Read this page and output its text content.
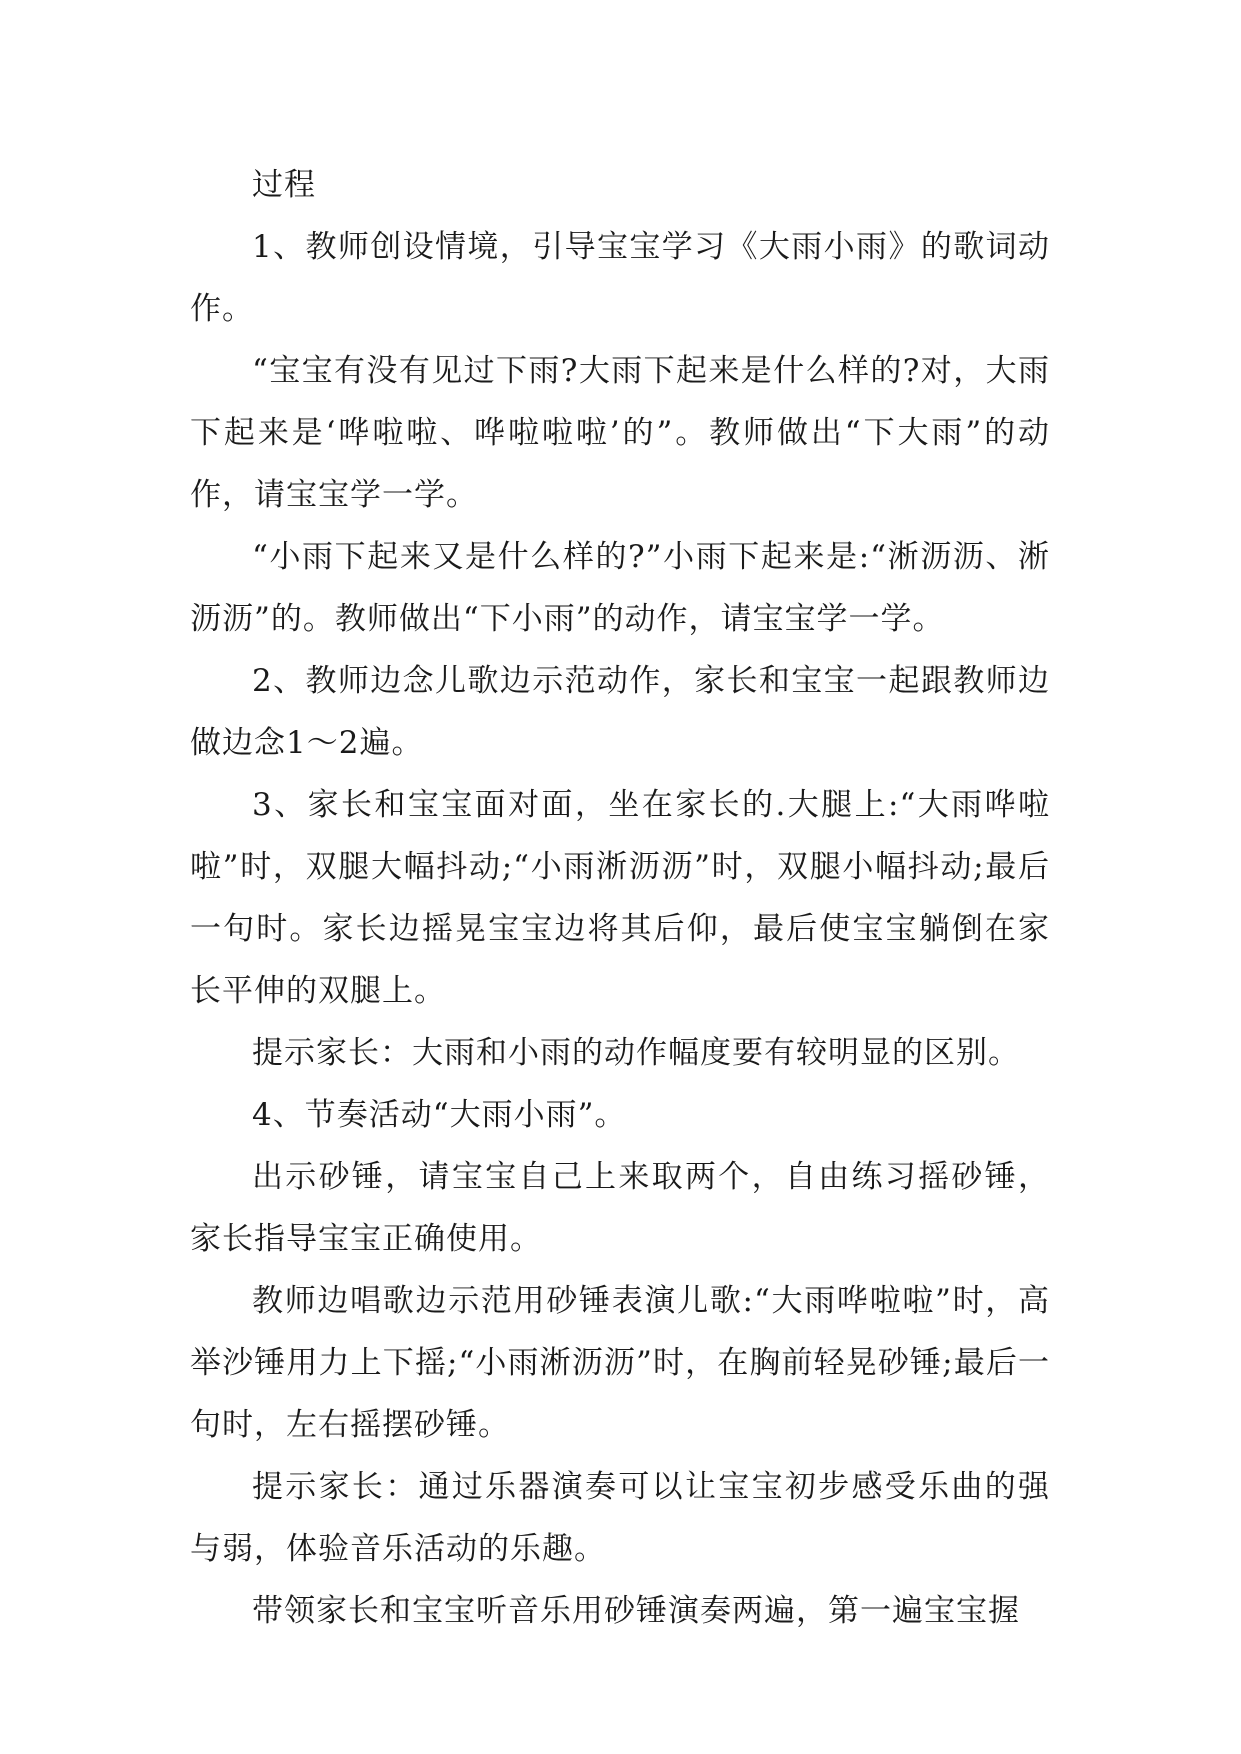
过程

1、教师创设情境，引导宝宝学习《大雨小雨》的歌词动作。

“宝宝有没有见过下雨?大雨下起来是什么样的?对，大雨下起来是‘哗啦啦、哗啦啦啦’的”。教师做出“下大雨”的动作，请宝宝学一学。

“小雨下起来又是什么样的?”小雨下起来是:“淅沥沥、淅沥沥”的。教师做出“下小雨”的动作，请宝宝学一学。

2、教师边念儿歌边示范动作，家长和宝宝一起跟教师边做边念1～2遍。

3、家长和宝宝面对面，坐在家长的.大腿上:“大雨哗啦啦”时，双腿大幅抖动;“小雨淅沥沥”时，双腿小幅抖动;最后一句时。家长边摇晃宝宝边将其后仰，最后使宝宝躺倒在家长平伸的双腿上。

提示家长：大雨和小雨的动作幅度要有较明显的区别。

4、节奏活动“大雨小雨”。

出示砂锤，请宝宝自己上来取两个，自由练习摇砂锤，家长指导宝宝正确使用。

教师边唱歌边示范用砂锤表演儿歌:“大雨哗啦啦”时，高举沙锤用力上下摇;“小雨淅沥沥”时，在胸前轻晃砂锤;最后一句时，左右摇摆砂锤。

提示家长：通过乐器演奏可以让宝宝初步感受乐曲的强与弱，体验音乐活动的乐趣。

带领家长和宝宝听音乐用砂锤演奏两遍，第一遍宝宝握
